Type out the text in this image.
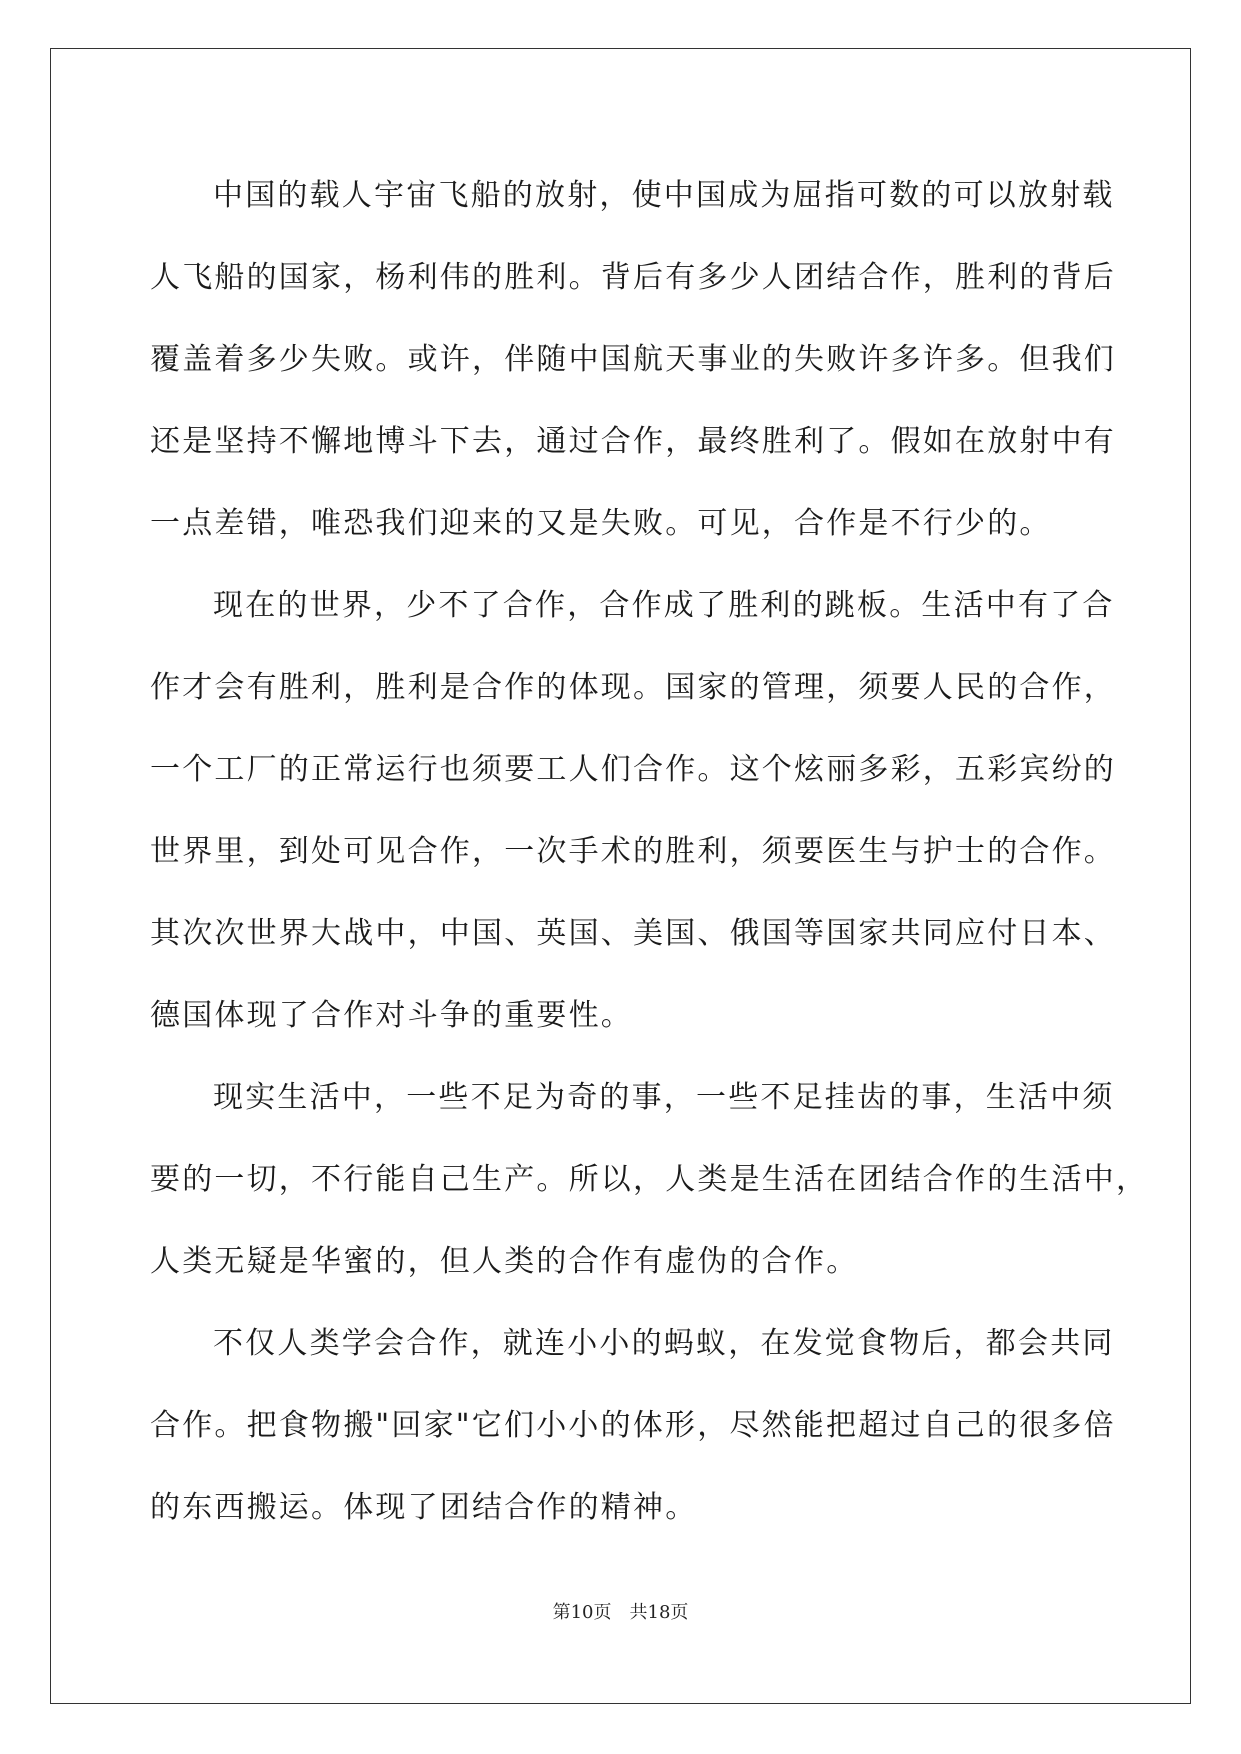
中国的载人宇宙飞船的放射，使中国成为屈指可数的可以放射载
人飞船的国家，杨利伟的胜利。背后有多少人团结合作，胜利的背后
覆盖着多少失败。或许，伴随中国航天事业的失败许多许多。但我们
还是坚持不懈地博斗下去，通过合作，最终胜利了。假如在放射中有
一点差错，唯恐我们迎来的又是失败。可见，合作是不行少的。
现在的世界，少不了合作，合作成了胜利的跳板。生活中有了合
作才会有胜利，胜利是合作的体现。国家的管理，须要人民的合作，
一个工厂的正常运行也须要工人们合作。这个炫丽多彩，五彩宾纷的
世界里，到处可见合作，一次手术的胜利，须要医生与护士的合作。
其次次世界大战中，中国、英国、美国、俄国等国家共同应付日本、
德国体现了合作对斗争的重要性。
现实生活中，一些不足为奇的事，一些不足挂齿的事，生活中须
要的一切，不行能自己生产。所以，人类是生活在团结合作的生活中，
人类无疑是华蜜的，但人类的合作有虚伪的合作。
不仅人类学会合作，就连小小的蚂蚁，在发觉食物后，都会共同
合作。把食物搬"回家"它们小小的体形，尽然能把超过自己的很多倍
的东西搬运。体现了团结合作的精神。
第10页 共18页
